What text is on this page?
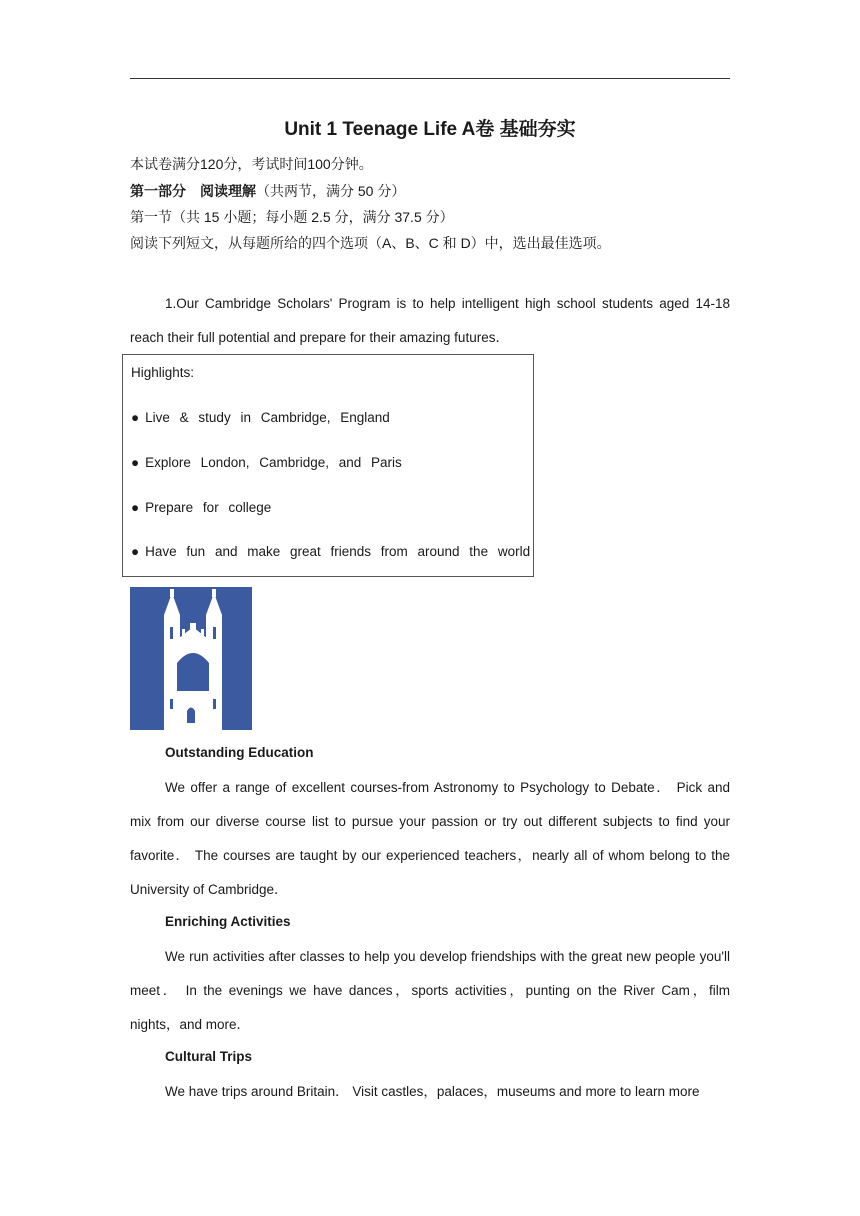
Unit 1 Teenage Life A卷 基础夯实
本试卷满分120分，考试时间100分钟。
第一部分　阅读理解（共两节，满分 50 分）
第一节（共 15 小题；每小题 2.5 分，满分 37.5 分）
阅读下列短文，从每题所给的四个选项（A、B、C 和 D）中，选出最佳选项。
1.Our Cambridge Scholars' Program is to help intelligent high school students aged 14-18 reach their full potential and prepare for their amazing futures．
Highlights:
● Live & study in Cambridge, England
● Explore London, Cambridge, and Paris
● Prepare for college
● Have fun and make great friends from around the world
Outstanding Education
We offer a range of excellent courses-from Astronomy to Psychology to Debate． Pick and mix from our diverse course list to pursue your passion or try out different subjects to find your favorite． The courses are taught by our experienced teachers，nearly all of whom belong to the University of Cambridge．
Enriching Activities
We run activities after classes to help you develop friendships with the great new people you'll meet． In the evenings we have dances，sports activities，punting on the River Cam，film nights，and more．
Cultural Trips
We have trips around Britain． Visit castles，palaces，museums and more to learn more
